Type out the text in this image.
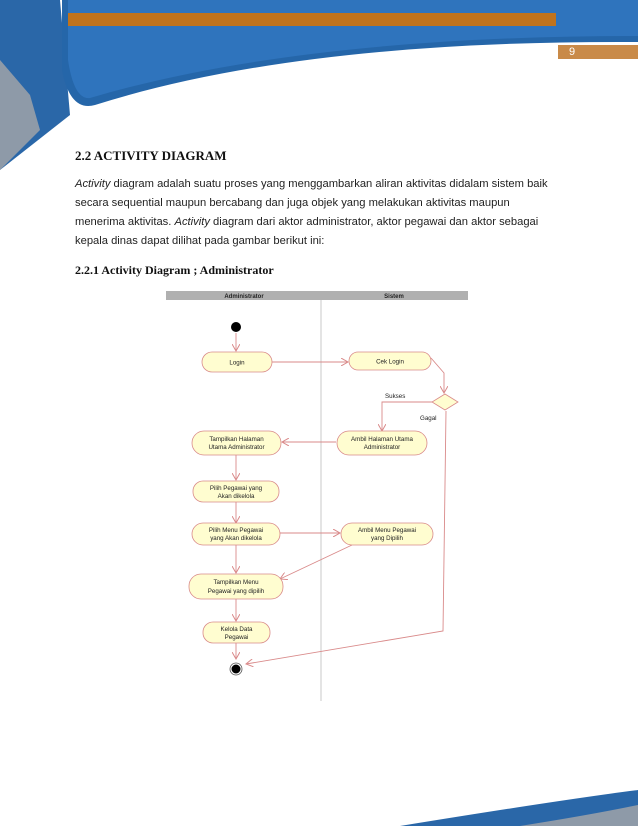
9
2.2 ACTIVITY DIAGRAM

Activity diagram adalah suatu proses yang menggambarkan aliran aktivitas didalam sistem baik secara sequential maupun bercabang dan juga objek yang melakukan aktivitas maupun menerima aktivitas. Activity diagram dari aktor administrator, aktor pegawai dan aktor sebagai kepala dinas dapat dilihat pada gambar berikut ini:

2.2.1 Activity Diagram ; Administrator
Administrator	Sistem
Login	Cek Login
Tampilkan Halaman
Utama Administrator
Ambil Halaman Utama
Administrator
Pilih Pegawai yang
Akan dikelola
Pilih Menu Pegawai
yang Akan dikelola
Ambil Menu Pegawai
yang Dipilih
Tampilkan Menu
Pegawai yang dipilih
Kelola Data
Pegawai
Sukses
Gagal
